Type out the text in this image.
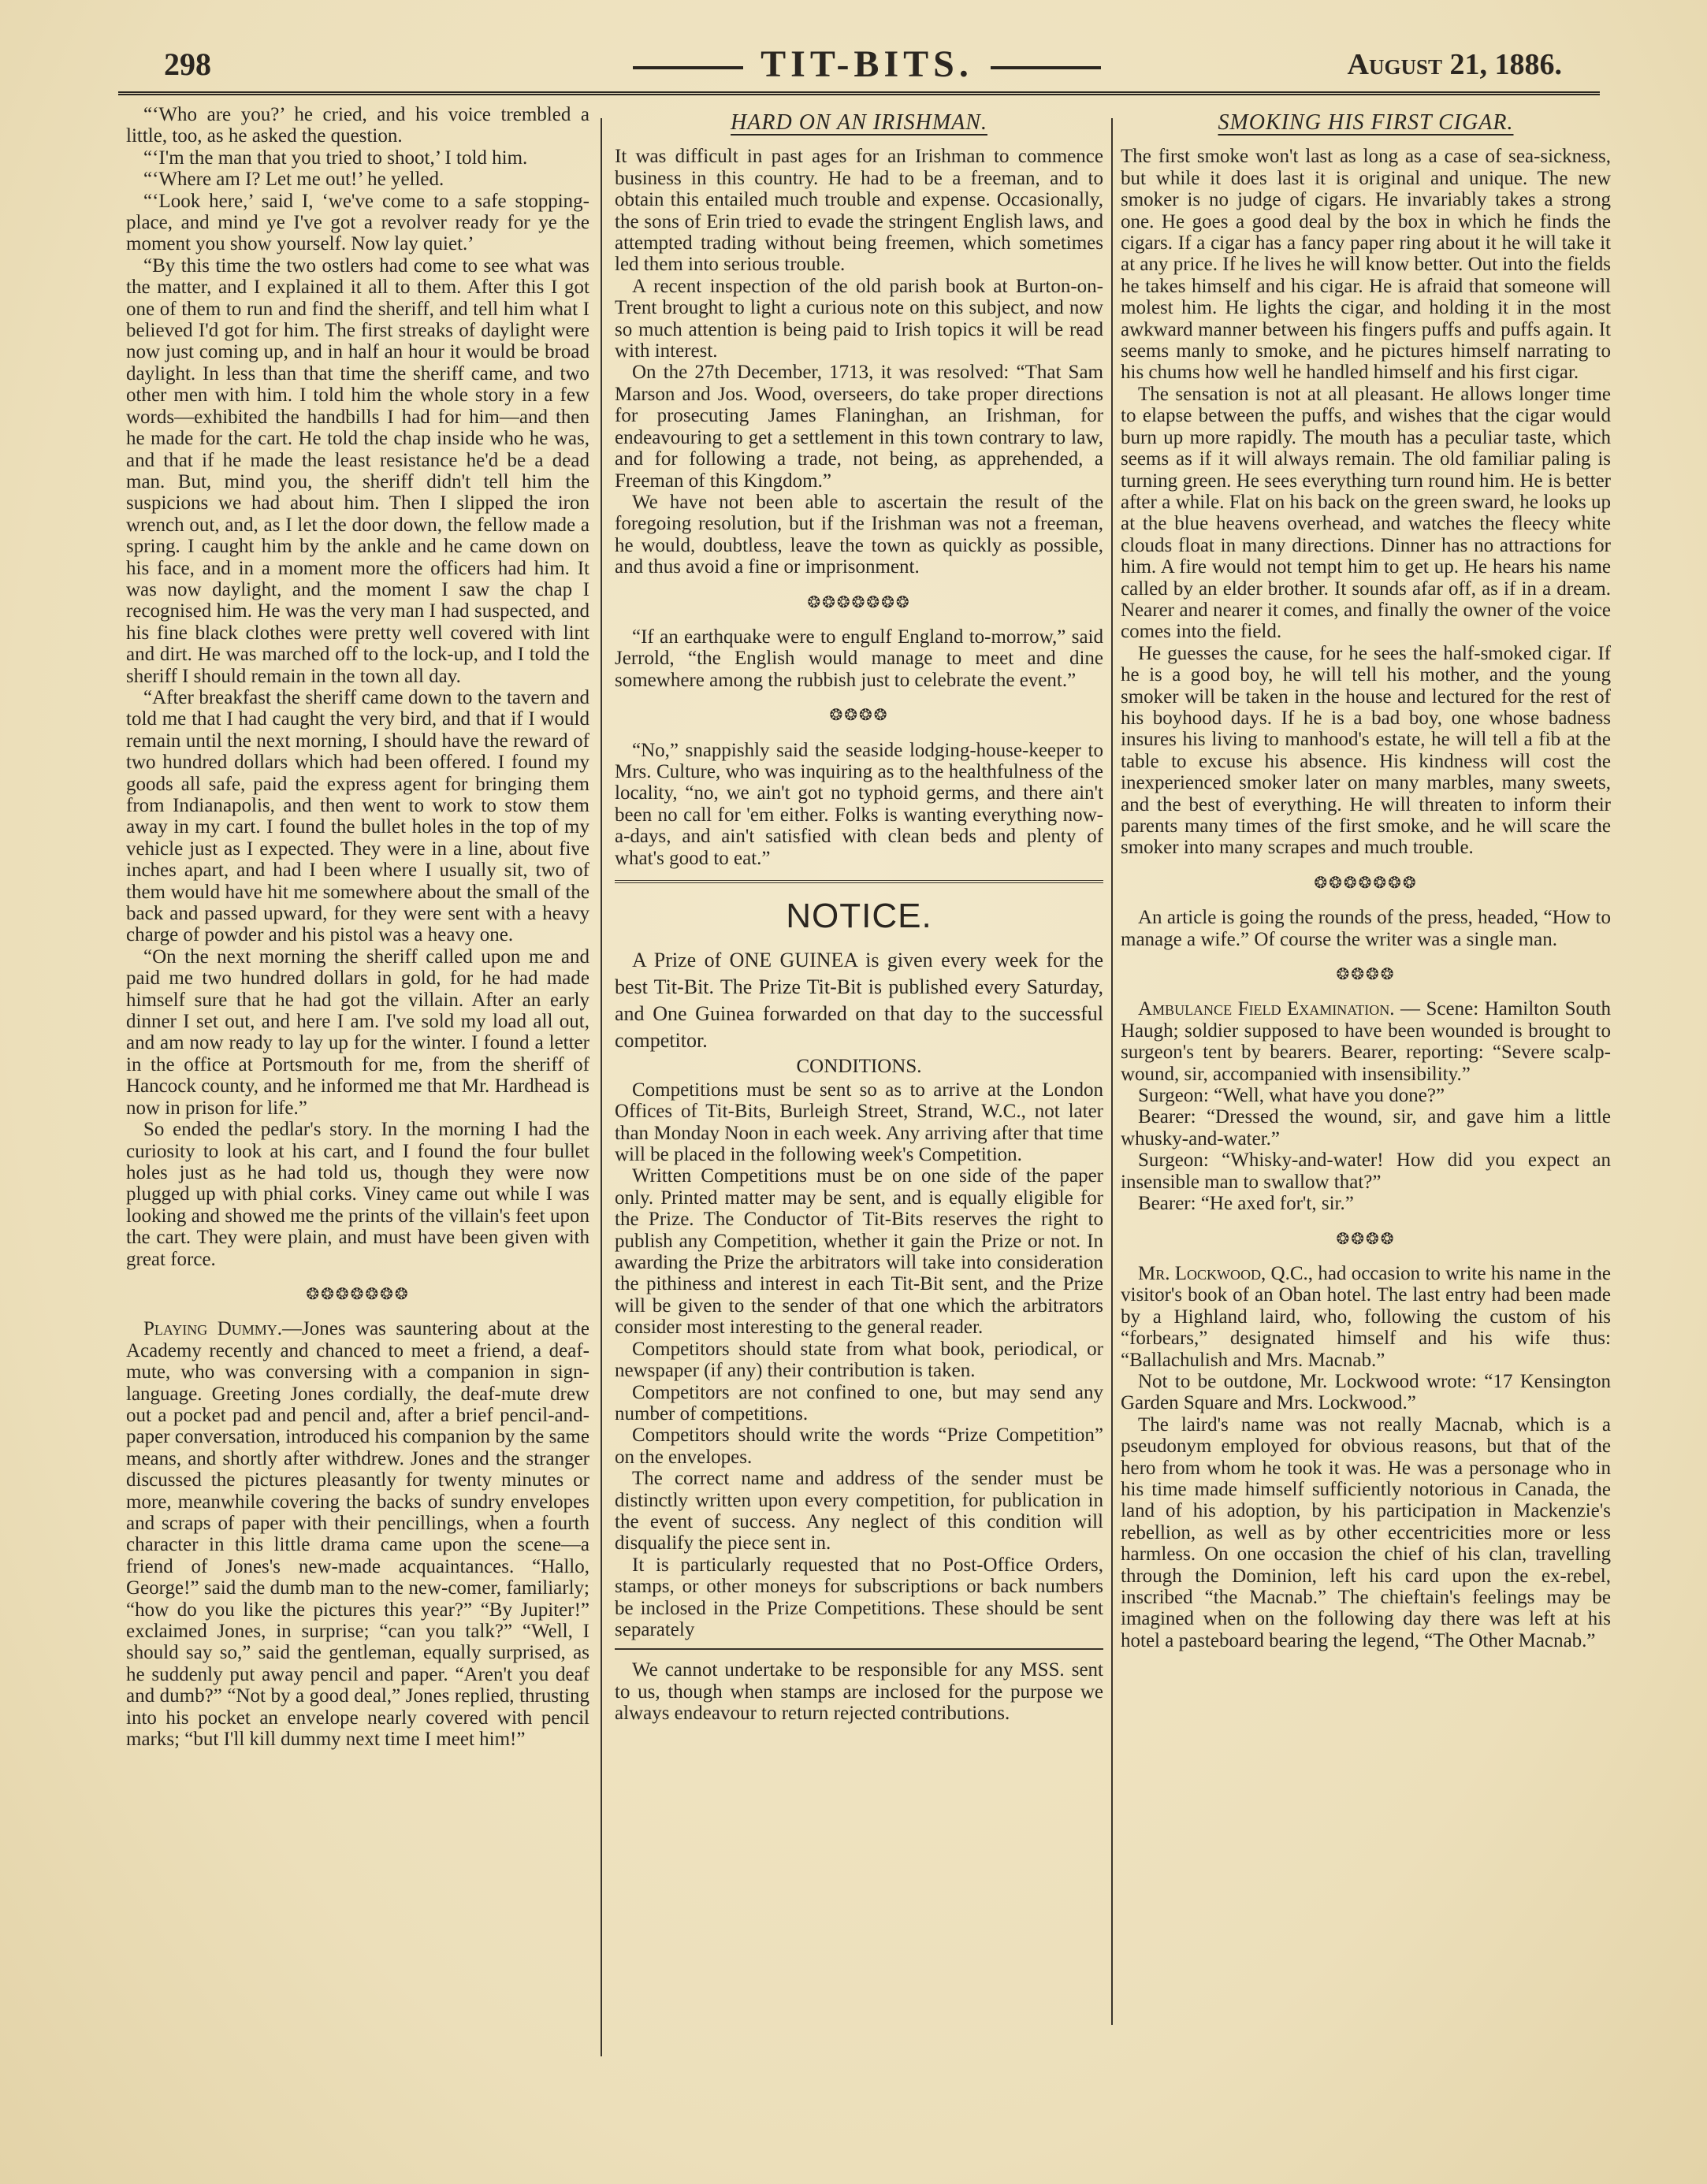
298	TIT-BITS.	August 21, 1886.

“‘Who are you?’ he cried, and his voice trembled a little, too, as he asked the question.

“‘I'm the man that you tried to shoot,’ I told him.

“‘Where am I? Let me out!’ he yelled.

“‘Look here,’ said I, ‘we've come to a safe stopping-place, and mind ye I've got a revolver ready for ye the moment you show yourself. Now lay quiet.’

“By this time the two ostlers had come to see what was the matter, and I explained it all to them. After this I got one of them to run and find the sheriff, and tell him what I believed I'd got for him. The first streaks of daylight were now just coming up, and in half an hour it would be broad daylight. In less than that time the sheriff came, and two other men with him. I told him the whole story in a few words—exhibited the handbills I had for him—and then he made for the cart. He told the chap inside who he was, and that if he made the least resistance he'd be a dead man. But, mind you, the sheriff didn't tell him the suspicions we had about him. Then I slipped the iron wrench out, and, as I let the door down, the fellow made a spring. I caught him by the ankle and he came down on his face, and in a moment more the officers had him. It was now daylight, and the moment I saw the chap I recognised him. He was the very man I had suspected, and his fine black clothes were pretty well covered with lint and dirt. He was marched off to the lock-up, and I told the sheriff I should remain in the town all day.

“After breakfast the sheriff came down to the tavern and told me that I had caught the very bird, and that if I would remain until the next morning, I should have the reward of two hundred dollars which had been offered. I found my goods all safe, paid the express agent for bringing them from Indianapolis, and then went to work to stow them away in my cart. I found the bullet holes in the top of my vehicle just as I expected. They were in a line, about five inches apart, and had I been where I usually sit, two of them would have hit me somewhere about the small of the back and passed upward, for they were sent with a heavy charge of powder and his pistol was a heavy one.

“On the next morning the sheriff called upon me and paid me two hundred dollars in gold, for he had made himself sure that he had got the villain. After an early dinner I set out, and here I am. I've sold my load all out, and am now ready to lay up for the winter. I found a letter in the office at Portsmouth for me, from the sheriff of Hancock county, and he informed me that Mr. Hardhead is now in prison for life.”

So ended the pedlar's story. In the morning I had the curiosity to look at his cart, and I found the four bullet holes just as he had told us, though they were now plugged up with phial corks. Viney came out while I was looking and showed me the prints of the villain's feet upon the cart. They were plain, and must have been given with great force.

❂❂❂❂❂❂❂

Playing Dummy.—Jones was sauntering about at the Academy recently and chanced to meet a friend, a deaf-mute, who was conversing with a companion in sign-language. Greeting Jones cordially, the deaf-mute drew out a pocket pad and pencil and, after a brief pencil-and-paper conversation, introduced his companion by the same means, and shortly after withdrew. Jones and the stranger discussed the pictures pleasantly for twenty minutes or more, meanwhile covering the backs of sundry envelopes and scraps of paper with their pencillings, when a fourth character in this little drama came upon the scene—a friend of Jones's new-made acquaintances. “Hallo, George!” said the dumb man to the new-comer, familiarly; “how do you like the pictures this year?” “By Jupiter!” exclaimed Jones, in surprise; “can you talk?” “Well, I should say so,” said the gentleman, equally surprised, as he suddenly put away pencil and paper. “Aren't you deaf and dumb?” “Not by a good deal,” Jones replied, thrusting into his pocket an envelope nearly covered with pencil marks; “but I'll kill dummy next time I meet him!”

HARD ON AN IRISHMAN.

It was difficult in past ages for an Irishman to commence business in this country. He had to be a freeman, and to obtain this entailed much trouble and expense. Occasionally, the sons of Erin tried to evade the stringent English laws, and attempted trading without being freemen, which sometimes led them into serious trouble.

A recent inspection of the old parish book at Burton-on-Trent brought to light a curious note on this subject, and now so much attention is being paid to Irish topics it will be read with interest.

On the 27th December, 1713, it was resolved: “That Sam Marson and Jos. Wood, overseers, do take proper directions for prosecuting James Flaninghan, an Irishman, for endeavouring to get a settlement in this town contrary to law, and for following a trade, not being, as apprehended, a Freeman of this Kingdom.”

We have not been able to ascertain the result of the foregoing resolution, but if the Irishman was not a freeman, he would, doubtless, leave the town as quickly as possible, and thus avoid a fine or imprisonment.

❂❂❂❂❂❂❂

“If an earthquake were to engulf England to-morrow,” said Jerrold, “the English would manage to meet and dine somewhere among the rubbish just to celebrate the event.”

❂❂❂❂

“No,” snappishly said the seaside lodging-house-keeper to Mrs. Culture, who was inquiring as to the healthfulness of the locality, “no, we ain't got no typhoid germs, and there ain't been no call for 'em either. Folks is wanting everything now-a-days, and ain't satisfied with clean beds and plenty of what's good to eat.”

NOTICE.

A Prize of ONE GUINEA is given every week for the best Tit-Bit. The Prize Tit-Bit is published every Saturday, and One Guinea forwarded on that day to the successful competitor.

CONDITIONS.

Competitions must be sent so as to arrive at the London Offices of Tit-Bits, Burleigh Street, Strand, W.C., not later than Monday Noon in each week. Any arriving after that time will be placed in the following week's Competition.

Written Competitions must be on one side of the paper only. Printed matter may be sent, and is equally eligible for the Prize. The Conductor of Tit-Bits reserves the right to publish any Competition, whether it gain the Prize or not. In awarding the Prize the arbitrators will take into consideration the pithiness and interest in each Tit-Bit sent, and the Prize will be given to the sender of that one which the arbitrators consider most interesting to the general reader.

Competitors should state from what book, periodical, or newspaper (if any) their contribution is taken.

Competitors are not confined to one, but may send any number of competitions.

Competitors should write the words “Prize Competition” on the envelopes.

The correct name and address of the sender must be distinctly written upon every competition, for publication in the event of success. Any neglect of this condition will disqualify the piece sent in.

It is particularly requested that no Post-Office Orders, stamps, or other moneys for subscriptions or back numbers be inclosed in the Prize Competitions. These should be sent separately

We cannot undertake to be responsible for any MSS. sent to us, though when stamps are inclosed for the purpose we always endeavour to return rejected contributions.

SMOKING HIS FIRST CIGAR.

The first smoke won't last as long as a case of sea-sickness, but while it does last it is original and unique. The new smoker is no judge of cigars. He invariably takes a strong one. He goes a good deal by the box in which he finds the cigars. If a cigar has a fancy paper ring about it he will take it at any price. If he lives he will know better. Out into the fields he takes himself and his cigar. He is afraid that someone will molest him. He lights the cigar, and holding it in the most awkward manner between his fingers puffs and puffs again. It seems manly to smoke, and he pictures himself narrating to his chums how well he handled himself and his first cigar.

The sensation is not at all pleasant. He allows longer time to elapse between the puffs, and wishes that the cigar would burn up more rapidly. The mouth has a peculiar taste, which seems as if it will always remain. The old familiar paling is turning green. He sees everything turn round him. He is better after a while. Flat on his back on the green sward, he looks up at the blue heavens overhead, and watches the fleecy white clouds float in many directions. Dinner has no attractions for him. A fire would not tempt him to get up. He hears his name called by an elder brother. It sounds afar off, as if in a dream. Nearer and nearer it comes, and finally the owner of the voice comes into the field.

He guesses the cause, for he sees the half-smoked cigar. If he is a good boy, he will tell his mother, and the young smoker will be taken in the house and lectured for the rest of his boyhood days. If he is a bad boy, one whose badness insures his living to manhood's estate, he will tell a fib at the table to excuse his absence. His kindness will cost the inexperienced smoker later on many marbles, many sweets, and the best of everything. He will threaten to inform their parents many times of the first smoke, and he will scare the smoker into many scrapes and much trouble.

❂❂❂❂❂❂❂

An article is going the rounds of the press, headed, “How to manage a wife.” Of course the writer was a single man.

❂❂❂❂

Ambulance Field Examination. — Scene: Hamilton South Haugh; soldier supposed to have been wounded is brought to surgeon's tent by bearers. Bearer, reporting: “Severe scalp-wound, sir, accompanied with insensibility.”

Surgeon: “Well, what have you done?”

Bearer: “Dressed the wound, sir, and gave him a little whusky-and-water.”

Surgeon: “Whisky-and-water! How did you expect an insensible man to swallow that?”

Bearer: “He axed for't, sir.”

❂❂❂❂

Mr. Lockwood, Q.C., had occasion to write his name in the visitor's book of an Oban hotel. The last entry had been made by a Highland laird, who, following the custom of his “forbears,” designated himself and his wife thus: “Ballachulish and Mrs. Macnab.”

Not to be outdone, Mr. Lockwood wrote: “17 Kensington Garden Square and Mrs. Lockwood.”

The laird's name was not really Macnab, which is a pseudonym employed for obvious reasons, but that of the hero from whom he took it was. He was a personage who in his time made himself sufficiently notorious in Canada, the land of his adoption, by his participation in Mackenzie's rebellion, as well as by other eccentricities more or less harmless. On one occasion the chief of his clan, travelling through the Dominion, left his card upon the ex-rebel, inscribed “the Macnab.” The chieftain's feelings may be imagined when on the following day there was left at his hotel a pasteboard bearing the legend, “The Other Macnab.”
